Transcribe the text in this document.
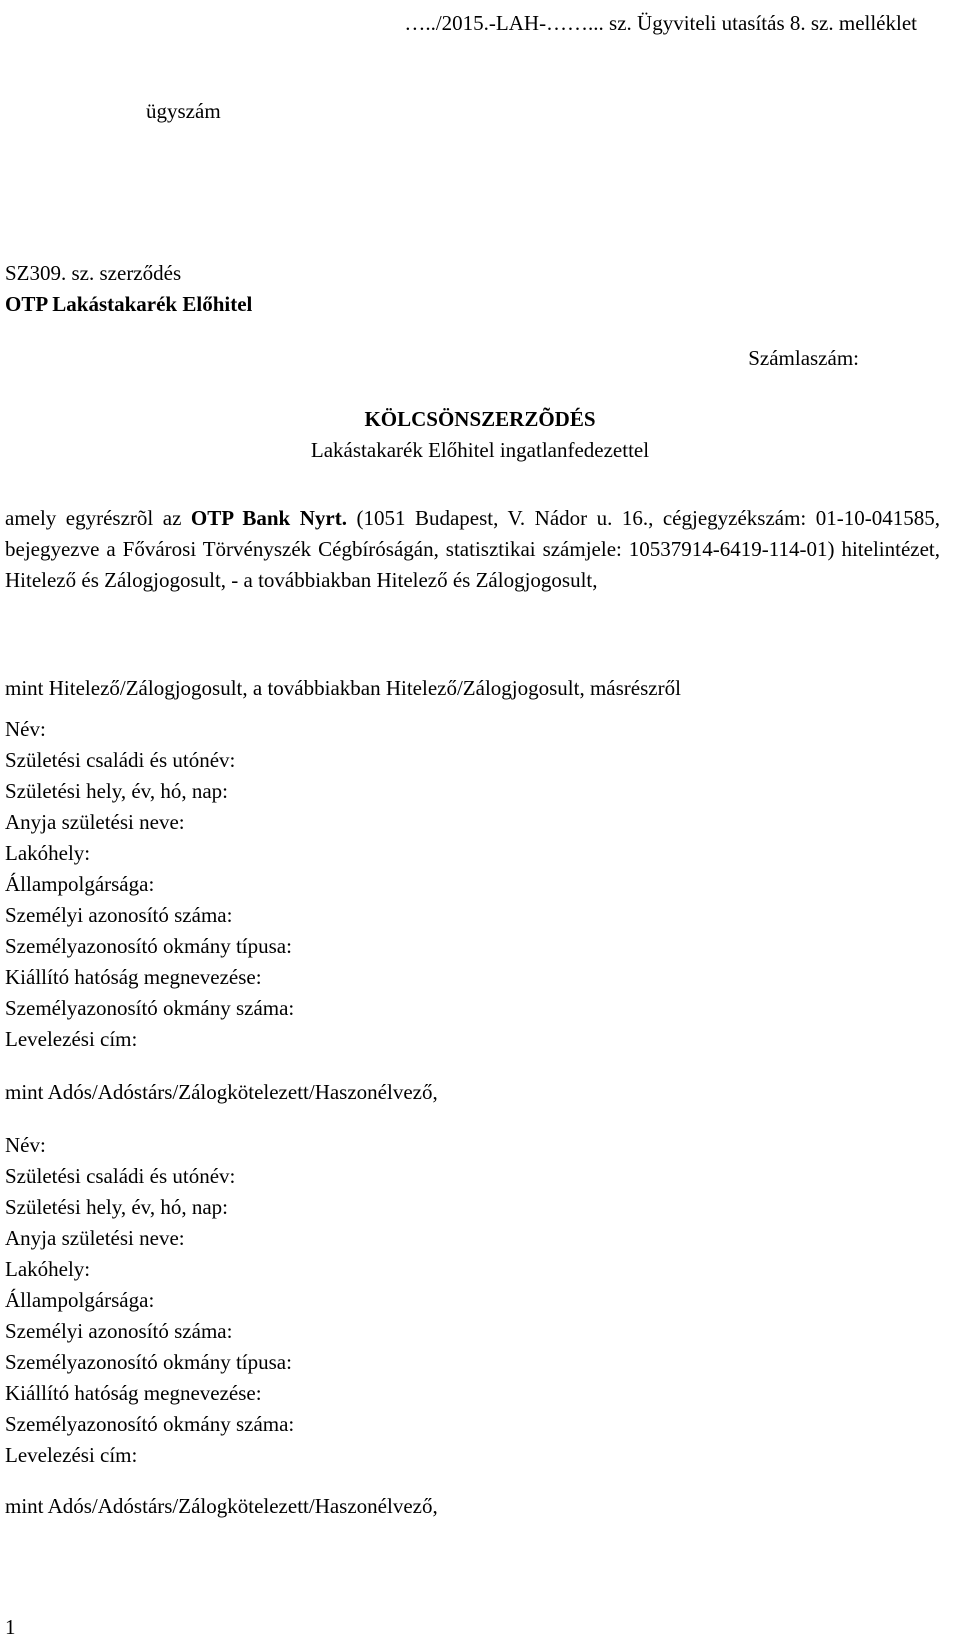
…../2015.-LAH-……... sz. Ügyviteli utasítás 8. sz. melléklet
ügyszám
SZ309. sz. szerződés
OTP Lakástakarék Előhitel
Számlaszám:
KÖLCSÖNSZERZÕDÉS
Lakástakarék Előhitel ingatlanfedezettel
amely egyrészrõl az OTP Bank Nyrt. (1051 Budapest, V. Nádor u. 16., cégjegyzékszám: 01-10-041585, bejegyezve a Fővárosi Törvényszék Cégbíróságán, statisztikai számjele: 10537914-6419-114-01) hitelintézet, Hitelező és Zálogjogosult, - a továbbiakban Hitelező és Zálogjogosult,
mint Hitelező/Zálogjogosult, a továbbiakban Hitelező/Zálogjogosult, másrészről
Név:
Születési családi és utónév:
Születési hely, év, hó, nap:
Anyja születési neve:
Lakóhely:
Állampolgársága:
Személyi azonosító száma:
Személyazonosító okmány típusa:
Kiállító hatóság megnevezése:
Személyazonosító okmány száma:
Levelezési cím:
mint Adós/Adóstárs/Zálogkötelezett/Haszonélvező,
Név:
Születési családi és utónév:
Születési hely, év, hó, nap:
Anyja születési neve:
Lakóhely:
Állampolgársága:
Személyi azonosító száma:
Személyazonosító okmány típusa:
Kiállító hatóság megnevezése:
Személyazonosító okmány száma:
Levelezési cím:
mint Adós/Adóstárs/Zálogkötelezett/Haszonélvező,
1
